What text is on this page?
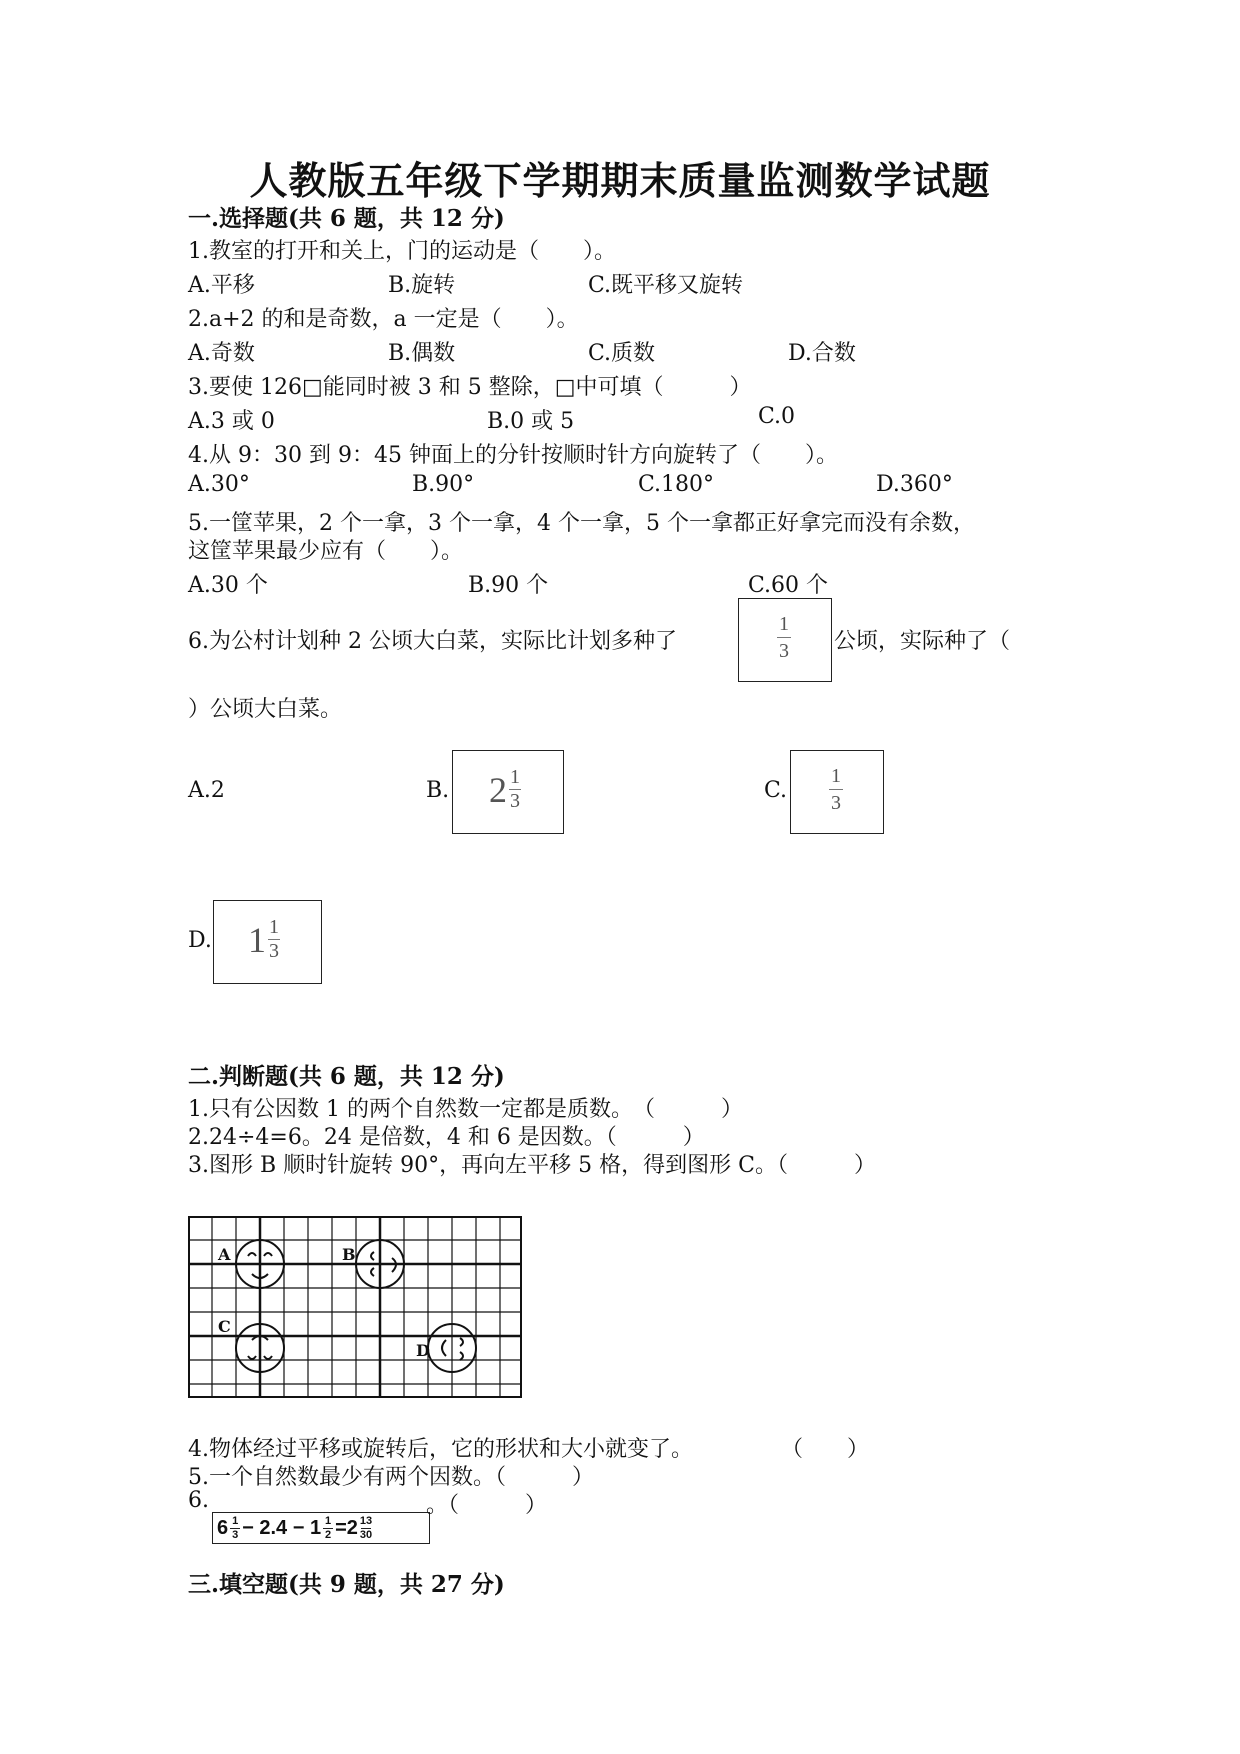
人教版五年级下学期期末质量监测数学试题
一.选择题(共 6 题，共 12 分)
1.教室的打开和关上，门的运动是（　　）。
A.平移	B.旋转	C.既平移又旋转
2.a+2 的和是奇数，a 一定是（　　）。
A.奇数	B.偶数	C.质数	D.合数
3.要使 126□能同时被 3 和 5 整除，□中可填（　　　）
A.3 或 0	B.0 或 5	C.0
4.从 9：30 到 9：45 钟面上的分针按顺时针方向旋转了（　　）。
A.30°	B.90°	C.180°	D.360°
5.一筐苹果，2 个一拿，3 个一拿，4 个一拿，5 个一拿都正好拿完而没有余数，
这筐苹果最少应有（　　）。
A.30 个	B.90 个	C.60 个
6.为公村计划种 2 公顷大白菜，实际比计划多种了
1
3	公顷，实际种了（
）公顷大白菜。
A.2	B. 2 1
3	C.
1
3
D. 1 1
3
二.判断题(共 6 题，共 12 分)
1.只有公因数 1 的两个自然数一定都是质数。　（　　　）
2.24÷4=6。24 是倍数，4 和 6 是因数。（　　　）
3.图形 B 顺时针旋转 90°，再向左平移 5 格，得到图形 C。（　　　）
A	B
C
D
4.物体经过平移或旋转后，它的形状和大小就变了。　　　　　（　　）
5.一个自然数最少有两个因数。（　　　）
6.
6 1
3 − 2.4 − 1 1
2 =2 13
30
。（　　　）
三.填空题(共 9 题，共 27 分)
